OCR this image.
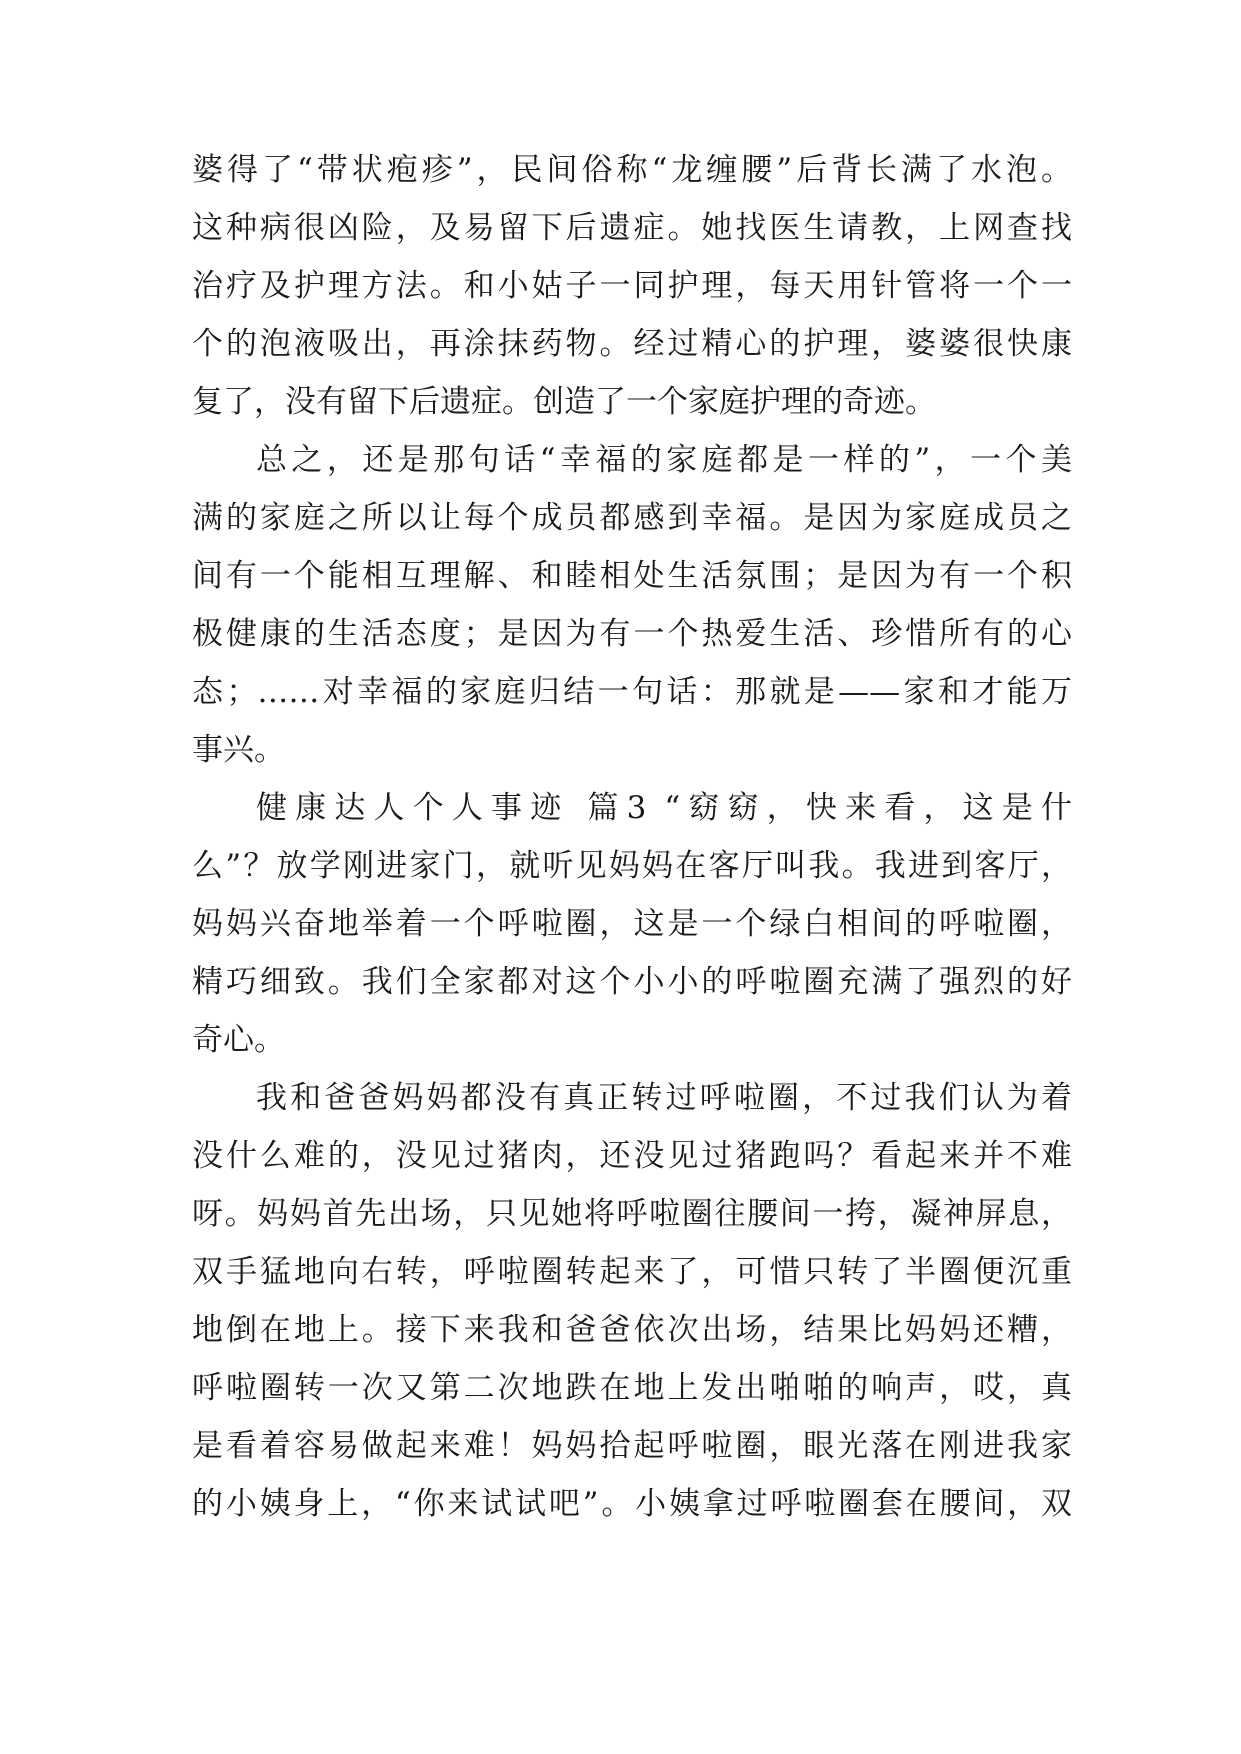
婆得了“带状疱疹”，民间俗称“龙缠腰”后背长满了水泡。
这种病很凶险，及易留下后遗症。她找医生请教，上网查找
治疗及护理方法。和小姑子一同护理，每天用针管将一个一
个的泡液吸出，再涂抹药物。经过精心的护理，婆婆很快康
复了，没有留下后遗症。创造了一个家庭护理的奇迹。
总之，还是那句话“幸福的家庭都是一样的”，一个美
满的家庭之所以让每个成员都感到幸福。是因为家庭成员之
间有一个能相互理解、和睦相处生活氛围；是因为有一个积
极健康的生活态度；是因为有一个热爱生活、珍惜所有的心
态；……对幸福的家庭归结一句话：那就是——家和才能万
事兴。
健康达人个人事迹 篇3 “窈窈，快来看，这是什
么”？放学刚进家门，就听见妈妈在客厅叫我。我进到客厅，
妈妈兴奋地举着一个呼啦圈，这是一个绿白相间的呼啦圈，
精巧细致。我们全家都对这个小小的呼啦圈充满了强烈的好
奇心。
我和爸爸妈妈都没有真正转过呼啦圈，不过我们认为着
没什么难的，没见过猪肉，还没见过猪跑吗？看起来并不难
呀。妈妈首先出场，只见她将呼啦圈往腰间一挎，凝神屏息，
双手猛地向右转，呼啦圈转起来了，可惜只转了半圈便沉重
地倒在地上。接下来我和爸爸依次出场，结果比妈妈还糟，
呼啦圈转一次又第二次地跌在地上发出啪啪的响声，哎，真
是看着容易做起来难！妈妈拾起呼啦圈，眼光落在刚进我家
的小姨身上，“你来试试吧”。小姨拿过呼啦圈套在腰间，双
